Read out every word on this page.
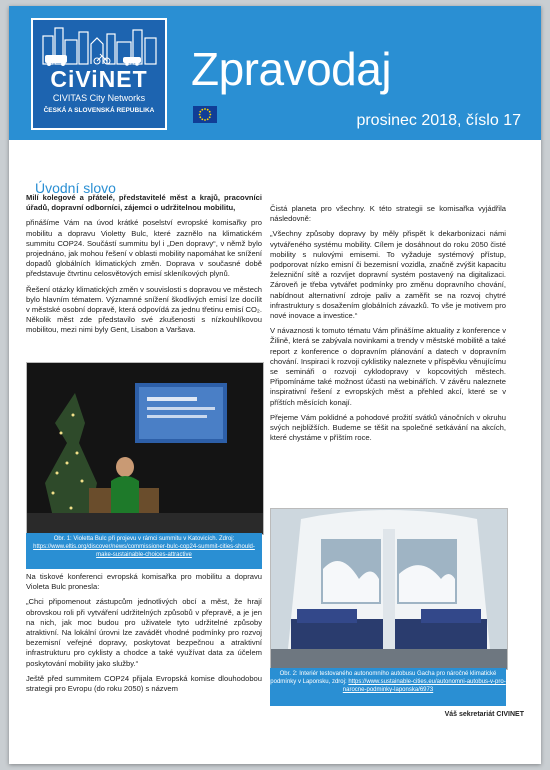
CiViNET
CIVITAS City Networks
ČESKÁ A SLOVENSKÁ REPUBLIKA
Zpravodaj
prosinec 2018, číslo 17
Úvodní slovo

Milí kolegové a přátelé, představitelé měst a krajů, pracovníci úřadů, dopravní odborníci, zájemci o udržitelnou mobilitu,

přinášíme Vám na úvod krátké poselství evropské komisařky pro mobilitu a dopravu Violetty Bulc, které zaznělo na klimatickém summitu COP24. Součástí summitu byl i „Den dopravy“, v němž bylo projednáno, jak mohou řešení v oblasti mobility napomáhat ke snížení dopadů globálních klimatických změn. Doprava v současné době představuje čtvrtinu celosvětových emisí skleníkových plynů.

Řešení otázky klimatických změn v souvislosti s dopravou ve městech bylo hlavním tématem. Významné snížení škodlivých emisí lze docílit v městské osobní dopravě, která odpovídá za jednu třetinu emisí CO₂. Několik měst zde představilo své zkušenosti s nízkouhlíkovou mobilitou, mezi nimi byly Gent, Lisabon a Varšava.

Obr. 1: Violetta Bulc při projevu v rámci summitu v Katovicích. Zdroj: https://www.eltis.org/discover/news/commissioner-bulc-cop24-summit-cities-should-make-sustainable-choices-attractive

Na tiskové konferenci evropská komisařka pro mobilitu a dopravu Violeta Bulc pronesla:

„Chci připomenout zástupcům jednotlivých obcí a měst, že hrají obrovskou roli při vytváření udržitelných způsobů v přepravě, a je jen na nich, jak moc budou pro uživatele tyto udržitelné způsoby atraktivní. Na lokální úrovni lze zavádět vhodné podmínky pro rozvoj bezemisní veřejné dopravy, poskytovat bezpečnou a atraktivní infrastrukturu pro cyklisty a chodce a také využívat data za účelem poskytování mobility jako služby.“

Ještě před summitem COP24 přijala Evropská komise dlouhodobou strategii pro Evropu (do roku 2050) s názvem

Čistá planeta pro všechny. K této strategii se komisařka vyjádřila následovně:

„Všechny způsoby dopravy by měly přispět k dekarbonizaci námi vytvářeného systému mobility. Cílem je dosáhnout do roku 2050 čisté mobility s nulovými emisemi. To vyžaduje systémový přístup, podporovat nízko emisní či bezemisní vozidla, značně zvýšit kapacitu železniční sítě a rozvíjet dopravní systém postavený na digitalizaci. Zároveň je třeba vytvářet podmínky pro změnu dopravního chování, nabídnout alternativní zdroje paliv a zaměřit se na rozvoj chytré infrastruktury s dosažením globálních závazků. To vše je motivem pro nové inovace a investice.“

V návaznosti k tomuto tématu Vám přinášíme aktuality z konference v Žilině, která se zabývala novinkami a trendy v městské mobilitě a také report z konference o dopravním plánování a datech v dopravním chování. Inspiraci k rozvoji cyklistiky naleznete v příspěvku věnujícímu se semináři o rozvoji cyklodopravy v kopcovitých městech. Připomínáme také možnost účasti na webinářích. V závěru naleznete inspirativní řešení z evropských měst a přehled akcí, které se v příštích měsících konají.

Přejeme Vám poklidné a pohodové prožití svátků vánočních v okruhu svých nejbližších. Budeme se těšit na společné setkávání na akcích, které chystáme v příštím roce.

Obr. 2: Interiér testovaného autonomního autobusu Gacha pro náročné klimatické podmínky v Laponsku, zdroj: https://www.sustainable-cities.eu/autonomni-autobus-v-pro-narocne-podminky-laponska/6973
Váš sekretariát CIVINET
